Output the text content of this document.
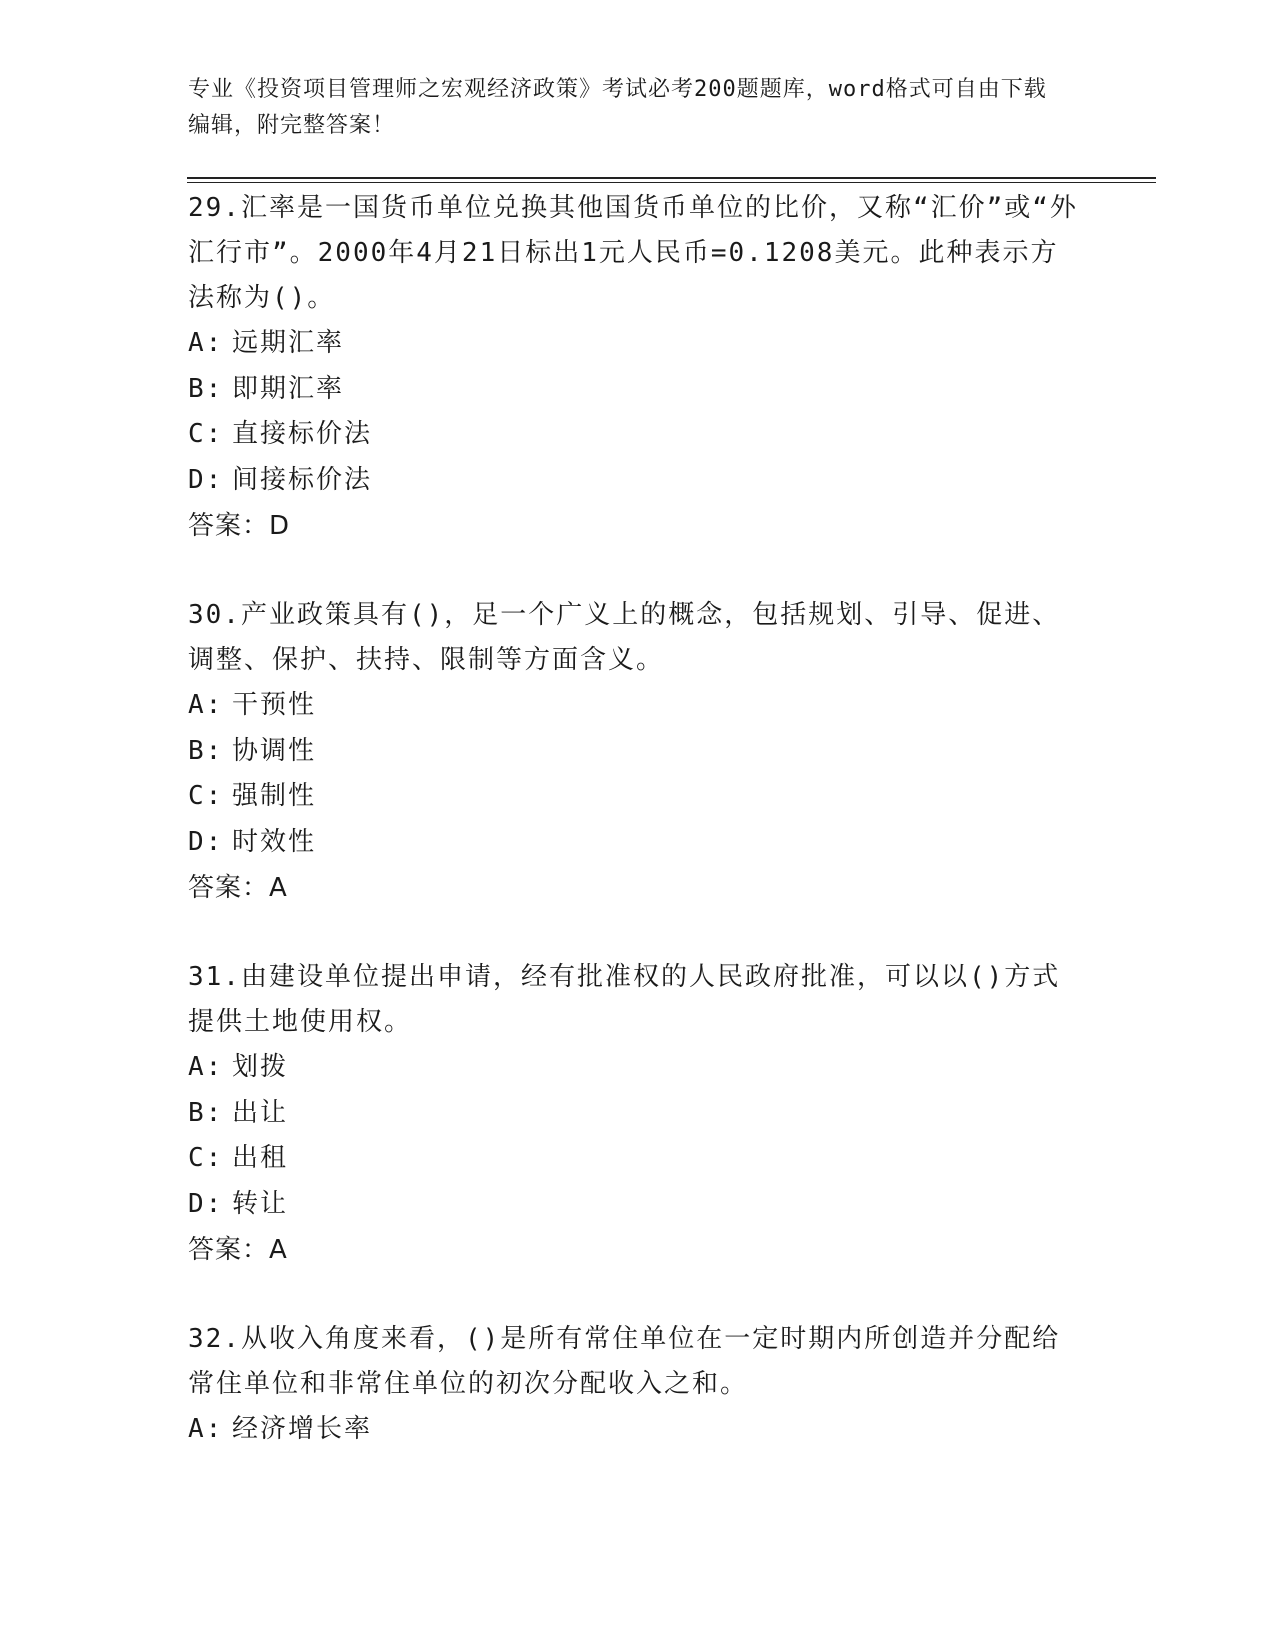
专业《投资项目管理师之宏观经济政策》考试必考200题题库，word格式可自由下载编辑，附完整答案！

29.汇率是一国货币单位兑换其他国货币单位的比价，又称“汇价”或“外汇行市”。2000年4月21日标出1元人民币=0.1208美元。此种表示方法称为()。

A: 远期汇率

B: 即期汇率

C: 直接标价法

D: 间接标价法

答案：D

30.产业政策具有()，足一个广义上的概念，包括规划、引导、促进、调整、保护、扶持、限制等方面含义。

A: 干预性

B: 协调性

C: 强制性

D: 时效性

答案：A

31.由建设单位提出申请，经有批准权的人民政府批准，可以以()方式提供土地使用权。

A: 划拨

B: 出让

C: 出租

D: 转让

答案：A

32.从收入角度来看，()是所有常住单位在一定时期内所创造并分配给常住单位和非常住单位的初次分配收入之和。

A: 经济增长率
